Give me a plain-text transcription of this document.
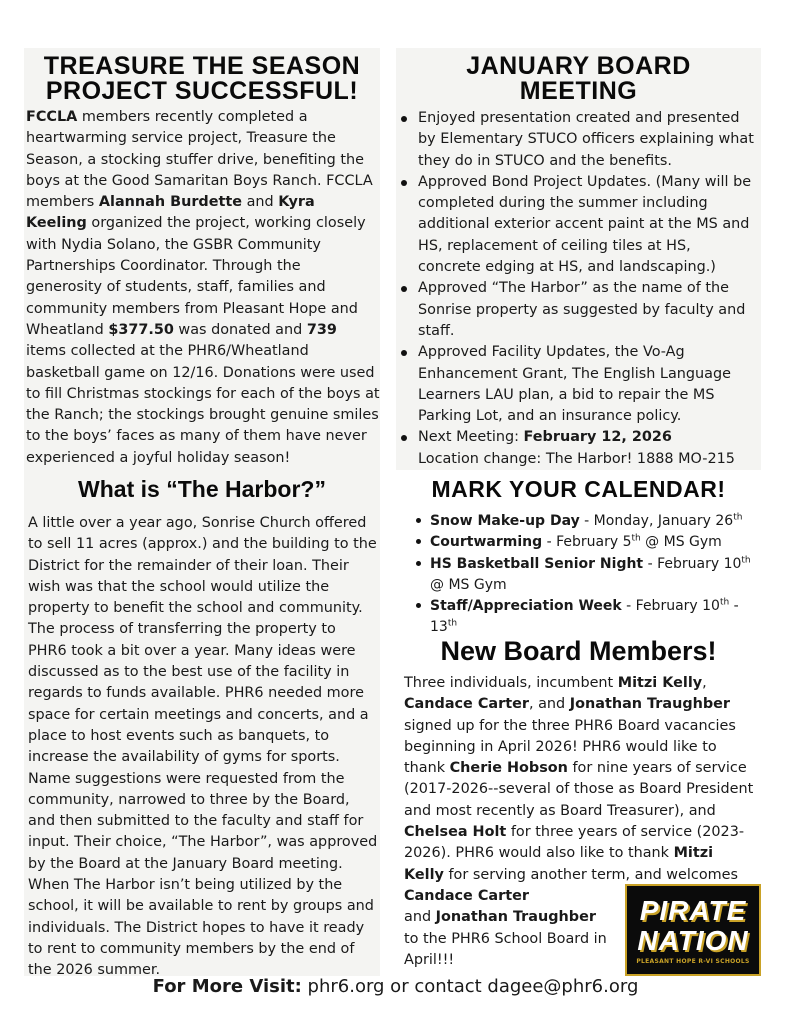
TREASURE THE SEASON
PROJECT SUCCESSFUL!

FCCLA members recently completed a heartwarming service project, Treasure the Season, a stocking stuffer drive, benefiting the boys at the Good Samaritan Boys Ranch. FCCLA members Alannah Burdette and Kyra Keeling organized the project, working closely with Nydia Solano, the GSBR Community Partnerships Coordinator. Through the generosity of students, staff, families and community members from Pleasant Hope and Wheatland $377.50 was donated and 739 items collected at the PHR6/Wheatland basketball game on 12/16. Donations were used to fill Christmas stockings for each of the boys at the Ranch; the stockings brought genuine smiles to the boys’ faces as many of them have never experienced a joyful holiday season!

What is “The Harbor?”

A little over a year ago, Sonrise Church offered to sell 11 acres (approx.) and the building to the District for the remainder of their loan. Their wish was that the school would utilize the property to benefit the school and community. The process of transferring the property to PHR6 took a bit over a year. Many ideas were discussed as to the best use of the facility in regards to funds available. PHR6 needed more space for certain meetings and concerts, and a place to host events such as banquets, to increase the availability of gyms for sports. Name suggestions were requested from the community, narrowed to three by the Board, and then submitted to the faculty and staff for input. Their choice, “The Harbor”, was approved by the Board at the January Board meeting. When The Harbor isn’t being utilized by the school, it will be available to rent by groups and individuals. The District hopes to have it ready to rent to community members by the end of the 2026 summer.

JANUARY BOARD
MEETING
Enjoyed presentation created and presented by Elementary STUCO officers explaining what they do in STUCO and the benefits.
Approved Bond Project Updates. (Many will be completed during the summer including additional exterior accent paint at the MS and HS, replacement of ceiling tiles at HS, concrete edging at HS, and landscaping.)
Approved “The Harbor” as the name of the Sonrise property as suggested by faculty and staff.
Approved Facility Updates, the Vo-Ag Enhancement Grant, The English Language Learners LAU plan, a bid to repair the MS Parking Lot, and an insurance policy.
Next Meeting: February 12, 2026
Location change: The Harbor! 1888 MO-215
MARK YOUR CALENDAR!
Snow Make-up Day - Monday, January 26th
Courtwarming - February 5th @ MS Gym
HS Basketball Senior Night - February 10th @ MS Gym
Staff/Appreciation Week - February 10th - 13th
New Board Members!

Three individuals, incumbent Mitzi Kelly, Candace Carter, and Jonathan Traughber signed up for the three PHR6 Board vacancies beginning in April 2026! PHR6 would like to thank Cherie Hobson for nine years of service (2017-2026--several of those as Board President and most recently as Board Treasurer), and Chelsea Holt for three years of service (2023-2026). PHR6 would also like to thank Mitzi Kelly for serving another term, and welcomes

Candace Carter
and Jonathan Traughber to the PHR6 School Board in April!!!

PIRATE
NATION
PLEASANT HOPE R-VI SCHOOLS
For More Visit: phr6.org or contact dagee@phr6.org
